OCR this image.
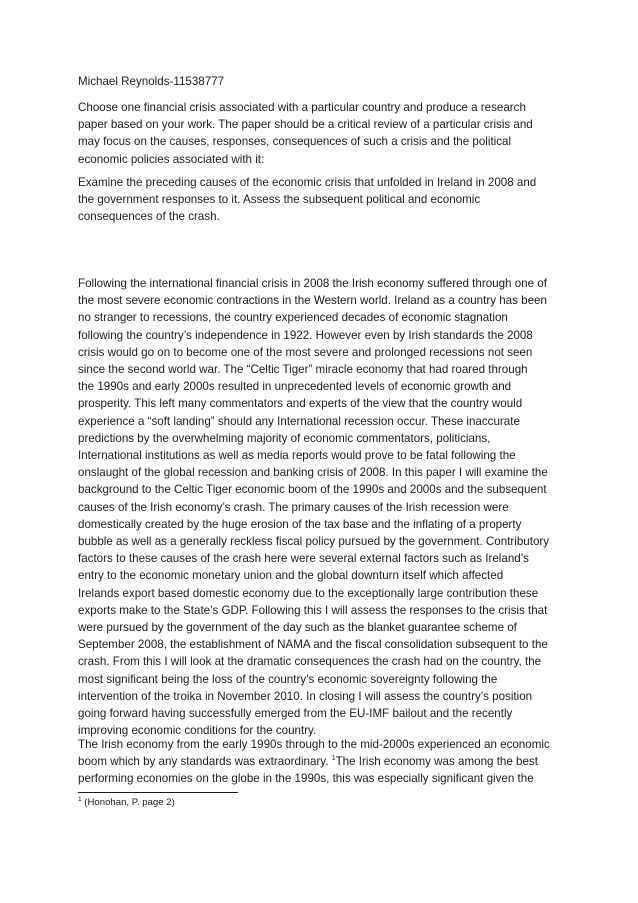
Michael Reynolds-11538777

Choose one financial crisis associated with a particular country and produce a research
paper based on your work. The paper should be a critical review of a particular crisis and
may focus on the causes, responses, consequences of such a crisis and the political
economic policies associated with it:

Examine the preceding causes of the economic crisis that unfolded in Ireland in 2008 and
the government responses to it. Assess the subsequent political and economic
consequences of the crash.

Following the international financial crisis in 2008 the Irish economy suffered through one of
the most severe economic contractions in the Western world. Ireland as a country has been
no stranger to recessions, the country experienced decades of economic stagnation
following the country’s independence in 1922. However even by Irish standards the 2008
crisis would go on to become one of the most severe and prolonged recessions not seen
since the second world war. The “Celtic Tiger” miracle economy that had roared through
the 1990s and early 2000s resulted in unprecedented levels of economic growth and
prosperity. This left many commentators and experts of the view that the country would
experience a “soft landing” should any International recession occur. These inaccurate
predictions by the overwhelming majority of economic commentators, politicians,
International institutions as well as media reports would prove to be fatal following the
onslaught of the global recession and banking crisis of 2008. In this paper I will examine the
background to the Celtic Tiger economic boom of the 1990s and 2000s and the subsequent
causes of the Irish economy’s crash. The primary causes of the Irish recession were
domestically created by the huge erosion of the tax base and the inflating of a property
bubble as well as a generally reckless fiscal policy pursued by the government. Contributory
factors to these causes of the crash here were several external factors such as Ireland’s
entry to the economic monetary union and the global downturn itself which affected
Irelands export based domestic economy due to the exceptionally large contribution these
exports make to the State’s GDP. Following this I will assess the responses to the crisis that
were pursued by the government of the day such as the blanket guarantee scheme of
September 2008, the establishment of NAMA and the fiscal consolidation subsequent to the
crash. From this I will look at the dramatic consequences the crash had on the country, the
most significant being the loss of the country’s economic sovereignty following the
intervention of the troika in November 2010. In closing I will assess the country’s position
going forward having successfully emerged from the EU-IMF bailout and the recently
improving economic conditions for the country.

The Irish economy from the early 1990s through to the mid-2000s experienced an economic
boom which by any standards was extraordinary. $^1$The Irish economy was among the best
performing economies on the globe in the 1990s, this was especially significant given the

$^1$ (Honohan, P. page 2)
